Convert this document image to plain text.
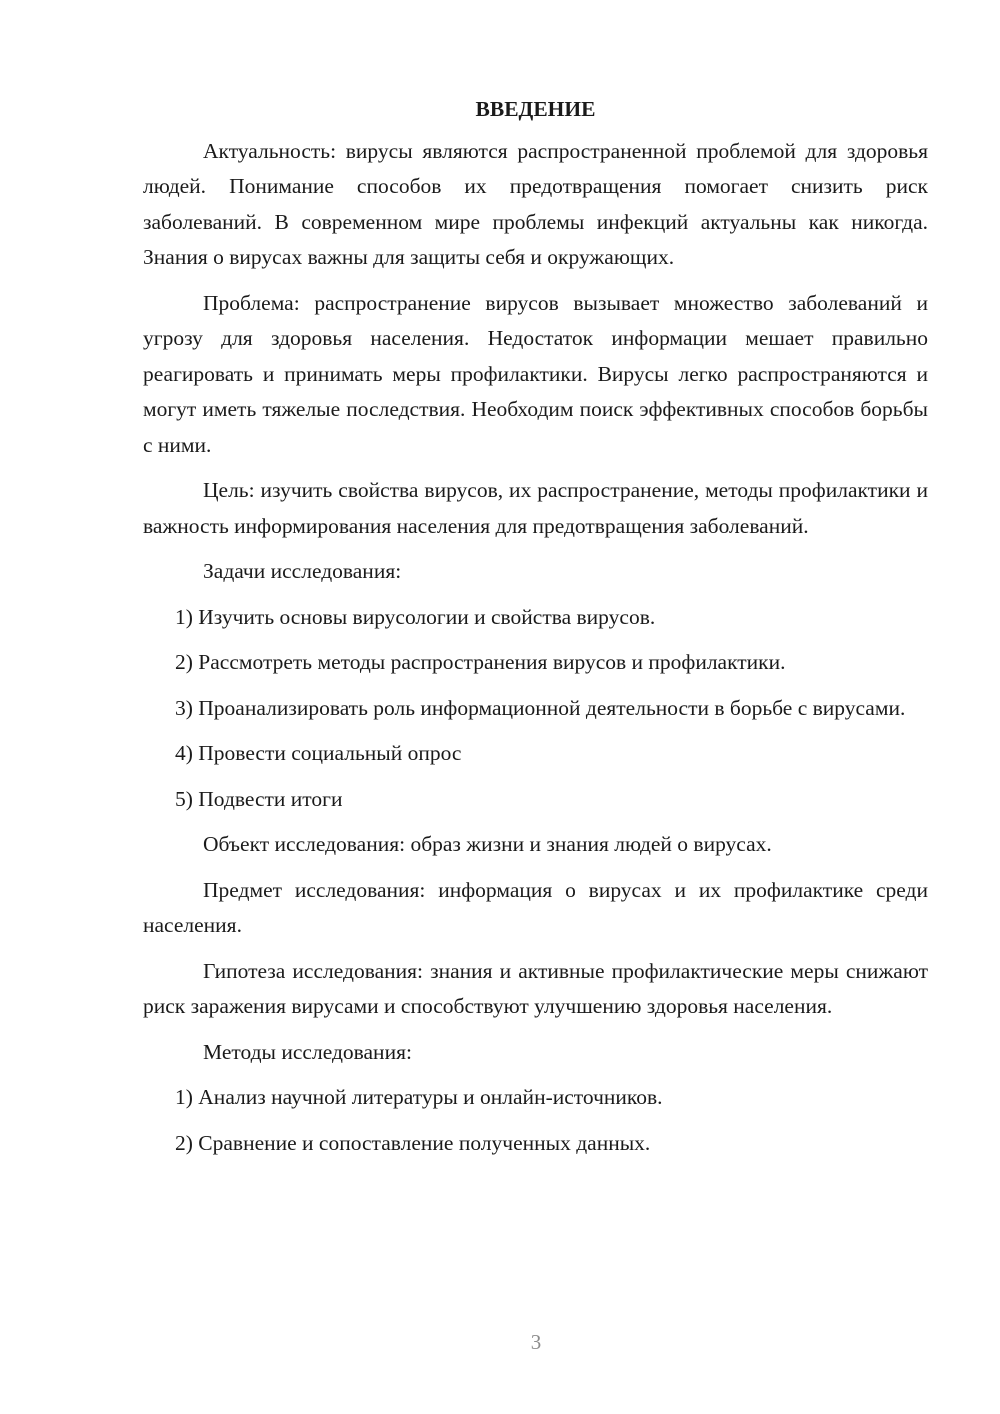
ВВЕДЕНИЕ

Актуальность: вирусы являются распространенной проблемой для здоровья людей. Понимание способов их предотвращения помогает снизить риск заболеваний. В современном мире проблемы инфекций актуальны как никогда. Знания о вирусах важны для защиты себя и окружающих.

Проблема: распространение вирусов вызывает множество заболеваний и угрозу для здоровья населения. Недостаток информации мешает правильно реагировать и принимать меры профилактики. Вирусы легко распространяются и могут иметь тяжелые последствия. Необходим поиск эффективных способов борьбы с ними.

Цель: изучить свойства вирусов, их распространение, методы профилактики и важность информирования населения для предотвращения заболеваний.

Задачи исследования:

1) Изучить основы вирусологии и свойства вирусов.
2) Рассмотреть методы распространения вирусов и профилактики.
3) Проанализировать роль информационной деятельности в борьбе с вирусами.
4) Провести социальный опрос
5) Подвести итоги

Объект исследования: образ жизни и знания людей о вирусах.

Предмет исследования: информация о вирусах и их профилактике среди населения.

Гипотеза исследования: знания и активные профилактические меры снижают риск заражения вирусами и способствуют улучшению здоровья населения.

Методы исследования:

1) Анализ научной литературы и онлайн-источников.
2) Сравнение и сопоставление полученных данных.
3
